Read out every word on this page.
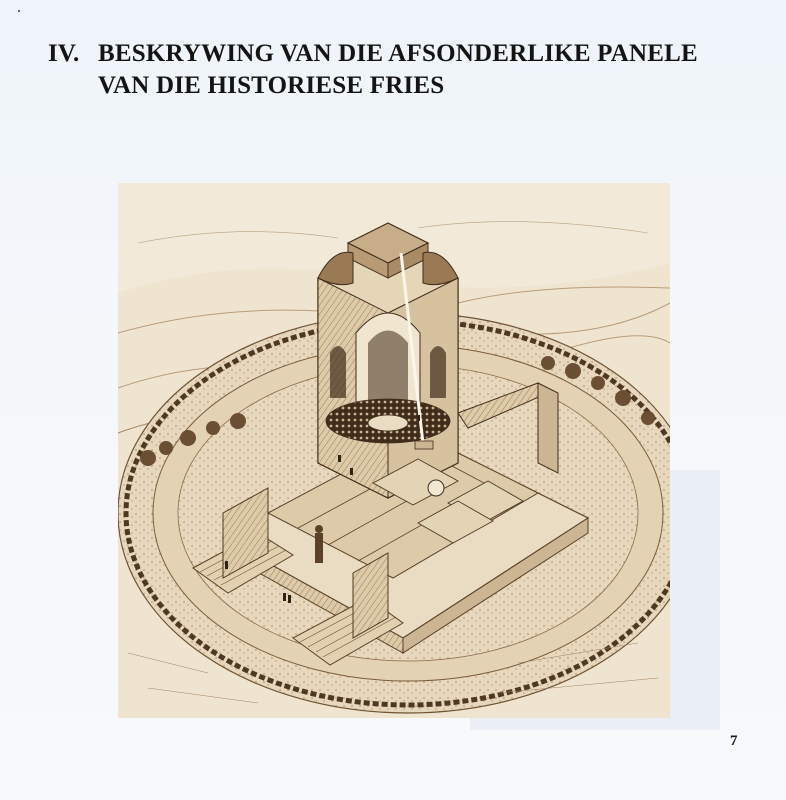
IV. BESKRYWING VAN DIE AFSONDERLIKE PANELE
VAN DIE HISTORIESE FRIES
7
